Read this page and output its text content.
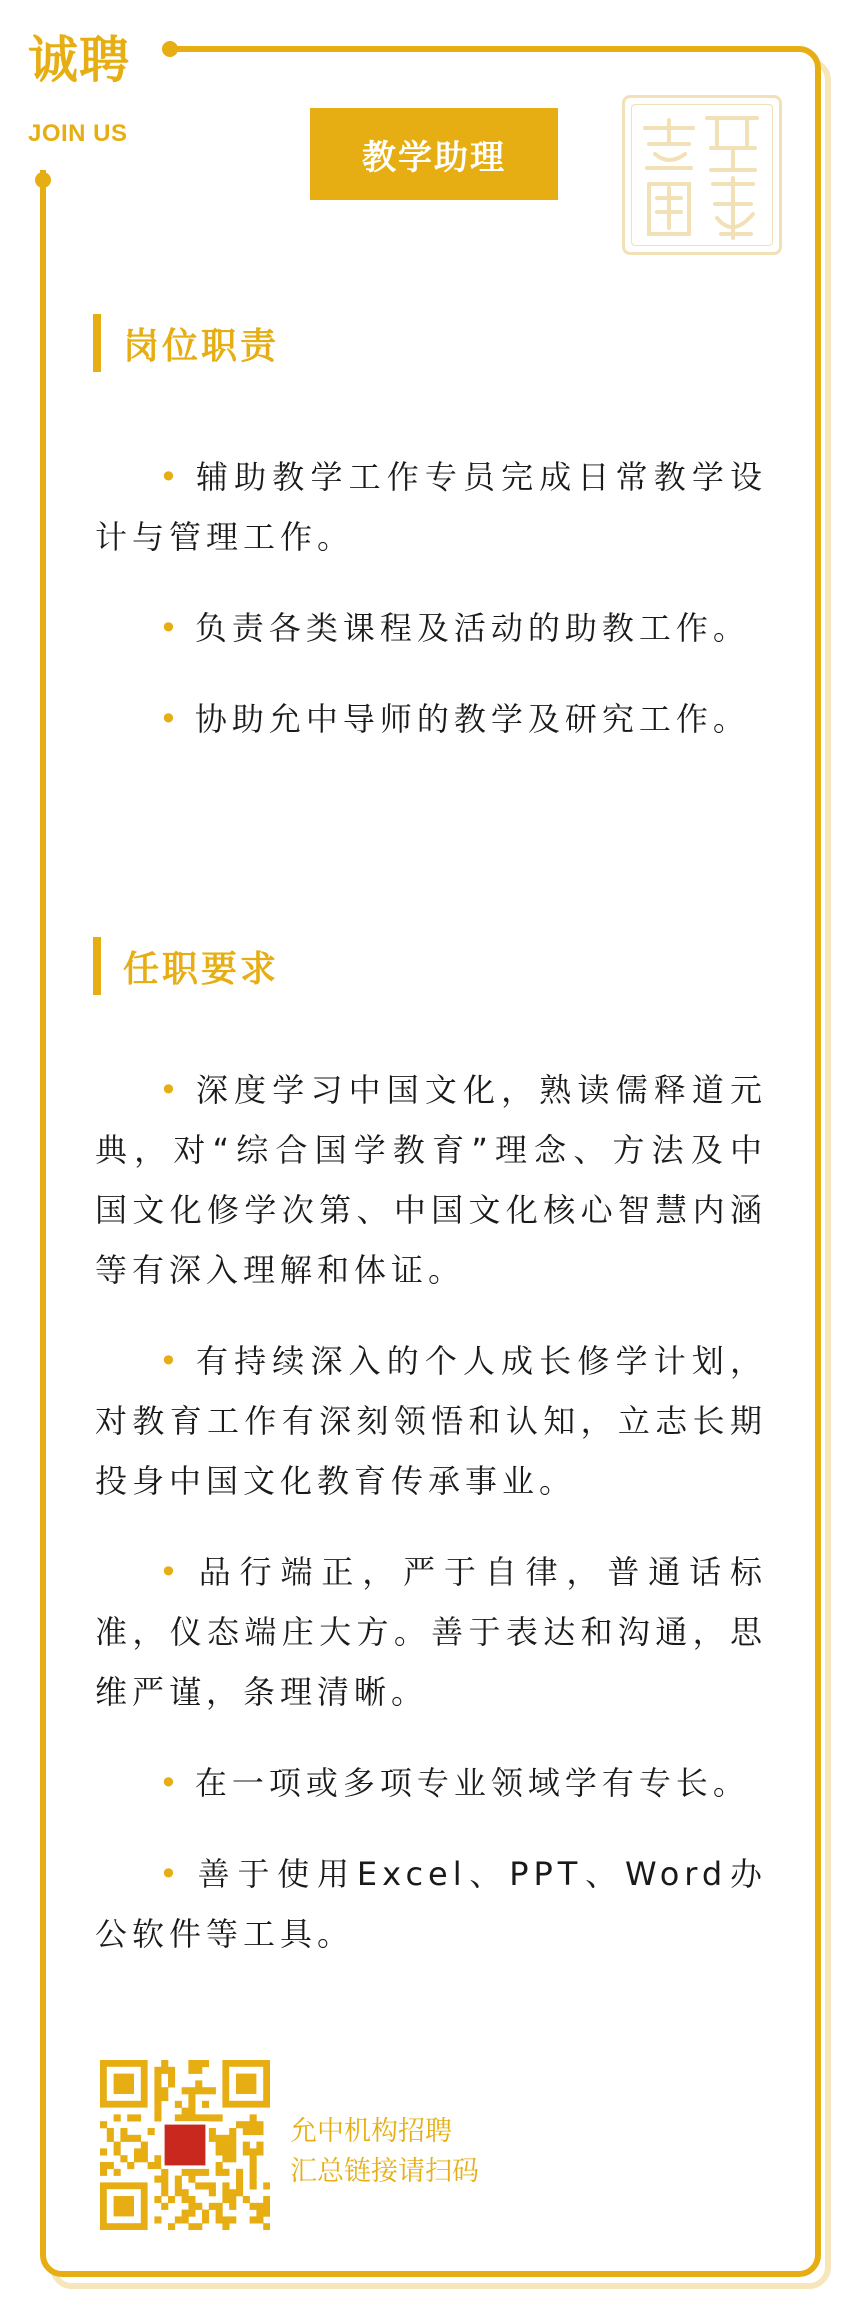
诚聘

JOIN US

教学助理
岗位职责

• 辅助教学工作专员完成日常教学设计与管理工作。

• 负责各类课程及活动的助教工作。

• 协助允中导师的教学及研究工作。

任职要求

• 深度学习中国文化，熟读儒释道元典，对“综合国学教育”理念、方法及中国文化修学次第、中国文化核心智慧内涵等有深入理解和体证。

• 有持续深入的个人成长修学计划，对教育工作有深刻领悟和认知，立志长期投身中国文化教育传承事业。

• 品行端正，严于自律，普通话标准，仪态端庄大方。善于表达和沟通，思维严谨，条理清晰。

• 在一项或多项专业领域学有专长。

• 善于使用Excel、PPT、Word办公软件等工具。

允中机构招聘
汇总链接请扫码
